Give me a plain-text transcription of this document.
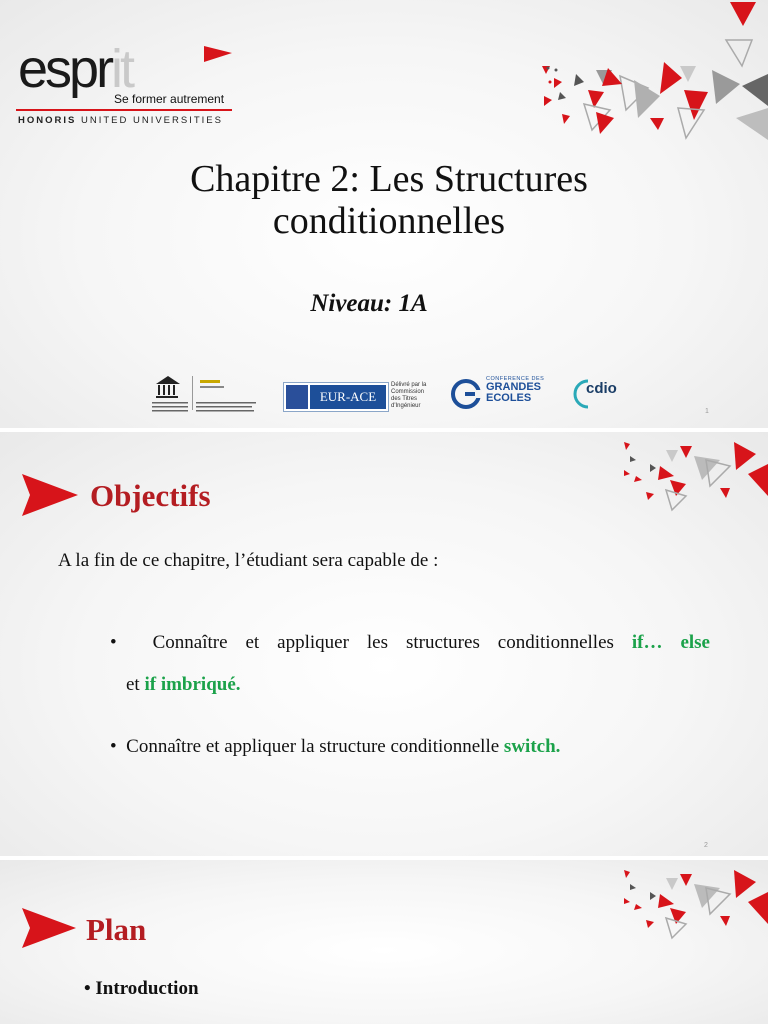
esprit
Se former autrement
HONORIS UNITED UNIVERSITIES
Chapitre 2: Les Structures
conditionnelles
Niveau: 1A
EUR-ACE
Délivré par la
Commission
des Titres
d'Ingénieur
CONFERENCE DES
GRANDES
ECOLES
cdio
1
Objectifs
A la fin de ce chapitre, l’étudiant sera capable de :
•  Connaître et appliquer les structures conditionnelles if… else
et if imbriqué.
•  Connaître et appliquer la structure conditionnelle switch.
2
Plan
• Introduction
